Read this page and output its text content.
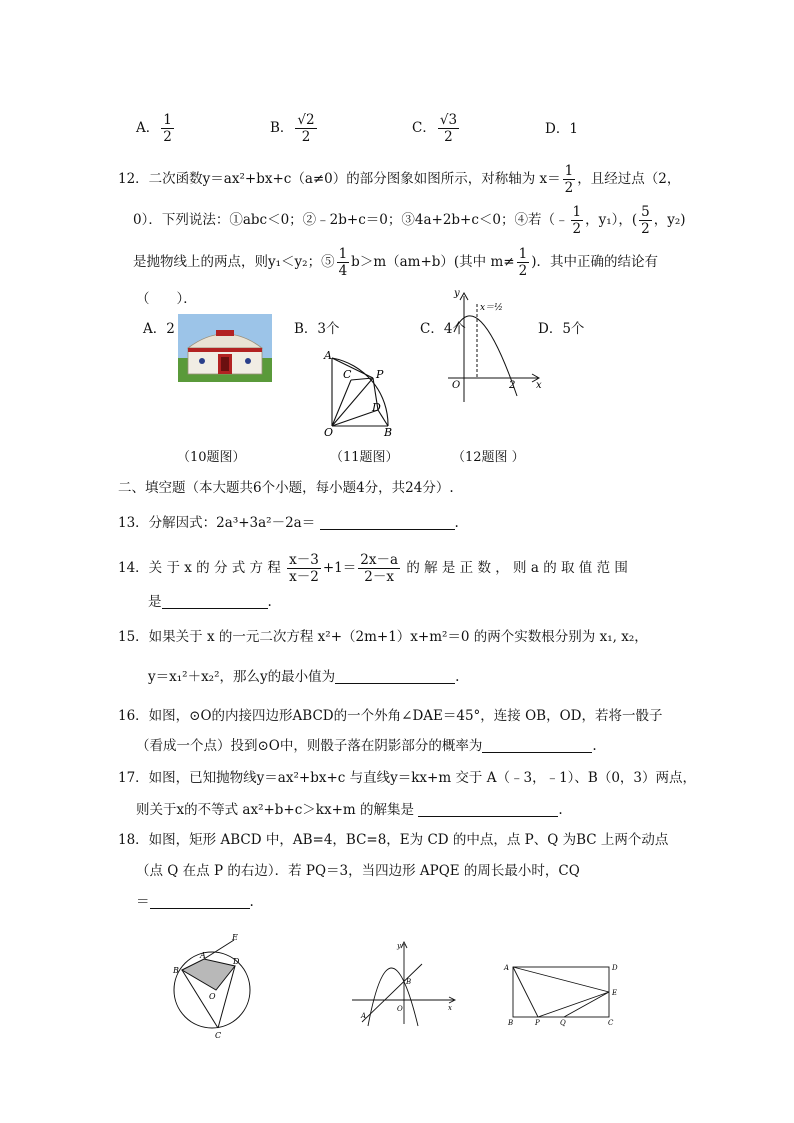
A． $\frac{1}{2}$	B． $\frac{√2}{2}$	C． $\frac{√3}{2}$	D．1
12．二次函数y＝ax²+bx+c（a≠0）的部分图象如图所示，对称轴为 $x= \frac{1}{2}$ ，且经过点（2，
0）．下列说法：①abc＜0；②﹣2b+c＝0；③4a+2b+c＜0；④若（﹣ $\frac{1}{2}$ ，y₁），( $\frac{5}{2}$ ，y₂)
是抛物线上的两点，则y₁＜y₂；⑤ $\frac{1}{4} b>m(am+b)$(其中 $m\ne \frac{1}{2}$ )．其中正确的结论有
（　　）．
A．2	B．3个	C．4个	D．5个
A
C P
D
O	B
y
x
O	2
x＝½
（10题图）	（11题图）	（12题图 ）
二、填空题（本大题共6个小题，每小题4分，共24分）.
13．分解因式：2a³+3a²－2a＝	.
14．关 于 x 的 分 式 方 程 $\frac{x-3}{x-2} +1= \frac{2x-a}{2-x}$ 的 解 是 正 数 ， 则 a 的 取 值 范 围
是	.
15．如果关于 x 的一元二次方程 x²+（2m+1）x+m²＝0 的两个实数根分别为 x₁, x₂，
y＝x₁²＋x₂²，那么y的最小值为	.
16．如图，⊙O的内接四边形ABCD的一个外角∠DAE＝45°，连接 OB，OD，若将一骰子
（看成一个点）投到⊙O中，则骰子落在阴影部分的概率为	.
17．如图，已知抛物线y＝ax²+bx+c 与直线y＝kx+m 交于 A（﹣3，﹣1）、B（0，3）两点，
则关于x的不等式 ax²+b+c＞kx+m 的解集是	.
18．如图，矩形 ABCD 中，AB=4，BC=8，E为 CD 的中点，点 P、Q 为BC 上两个动点
（点 Q 在点 P 的右边）．若 PQ＝3，当四边形 APQE 的周长最小时，CQ
＝	.
E
A
B
D
O
C
y
x
B
O
A
A	D
E
B	P	Q	C
